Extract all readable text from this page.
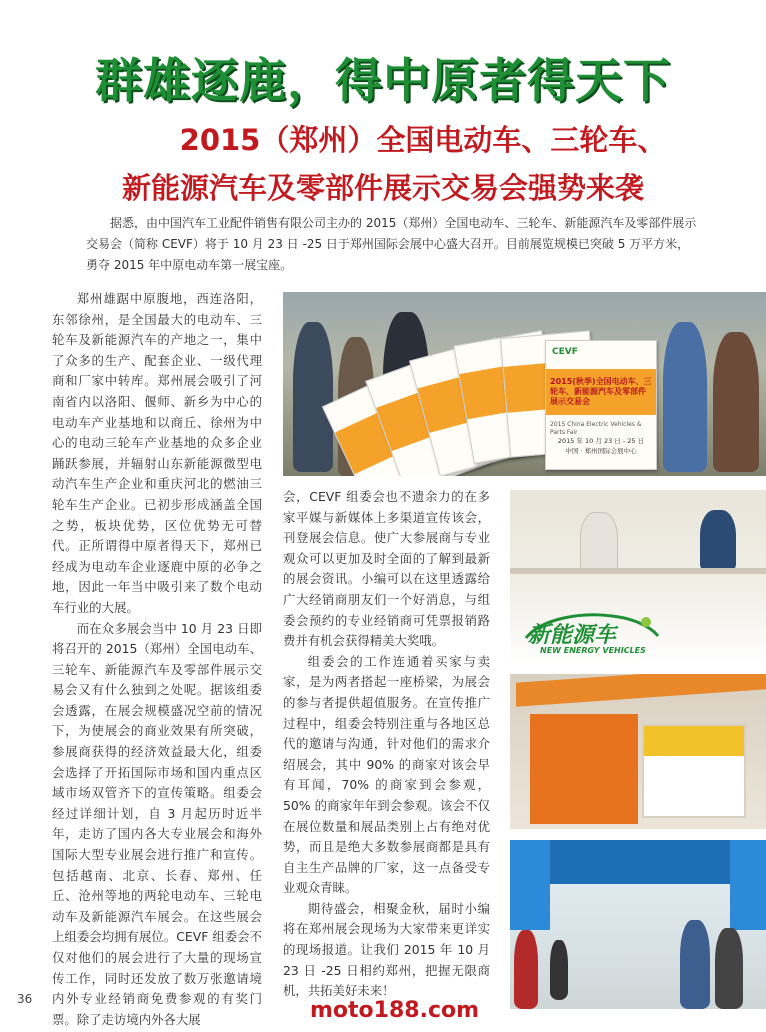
群雄逐鹿，得中原者得天下
2015（郑州）全国电动车、三轮车、
新能源汽车及零部件展示交易会强势来袭
据悉，由中国汽车工业配件销售有限公司主办的 2015（郑州）全国电动车、三轮车、新能源汽车及零部件展示交易会（简称 CEVF）将于 10 月 23 日 -25 日于郑州国际会展中心盛大召开。目前展览规模已突破 5 万平方米，勇夺 2015 年中原电动车第一展宝座。

郑州雄踞中原腹地，西连洛阳，东邻徐州，是全国最大的电动车、三轮车及新能源汽车的产地之一，集中了众多的生产、配套企业、一级代理商和厂家中转库。郑州展会吸引了河南省内以洛阳、偃师、新乡为中心的电动车产业基地和以商丘、徐州为中心的电动三轮车产业基地的众多企业踊跃参展，并辐射山东新能源微型电动汽车生产企业和重庆河北的燃油三轮车生产企业。已初步形成涵盖全国之势，板块优势，区位优势无可替代。正所谓得中原者得天下，郑州已经成为电动车企业逐鹿中原的必争之地，因此一年当中吸引来了数个电动车行业的大展。

而在众多展会当中 10 月 23 日即将召开的 2015（郑州）全国电动车、三轮车、新能源汽车及零部件展示交易会又有什么独到之处呢。据该组委会透露，在展会规模盛况空前的情况下，为使展会的商业效果有所突破，参展商获得的经济效益最大化，组委会选择了开拓国际市场和国内重点区域市场双管齐下的宣传策略。组委会经过详细计划，自 3 月起历时近半年，走访了国内各大专业展会和海外国际大型专业展会进行推广和宣传。包括越南、北京、长春、郑州、任丘、沧州等地的两轮电动车、三轮电动车及新能源汽车展会。在这些展会上组委会均拥有展位。CEVF 组委会不仅对他们的展会进行了大量的现场宣传工作，同时还发放了数万张邀请境内外专业经销商免费参观的有奖门票。除了走访境内外各大展

会，CEVF 组委会也不遗余力的在多家平媒与新媒体上多渠道宣传该会，刊登展会信息。使广大参展商与专业观众可以更加及时全面的了解到最新的展会资讯。小编可以在这里透露给广大经销商朋友们一个好消息，与组委会预约的专业经销商可凭票报销路费并有机会获得精美大奖哦。

组委会的工作连通着买家与卖家，是为两者搭起一座桥梁，为展会的参与者提供超值服务。在宣传推广过程中，组委会特别注重与各地区总代的邀请与沟通，针对他们的需求介绍展会，其中 90% 的商家对该会早有耳闻，70% 的商家到会参观，50% 的商家年年到会参观。该会不仅在展位数量和展品类别上占有绝对优势，而且是绝大多数参展商都是具有自主生产品牌的厂家，这一点备受专业观众青睐。

期待盛会，相聚金秋，届时小编将在郑州展会现场为大家带来更详实的现场报道。让我们 2015 年 10 月 23 日 -25 日相约郑州，把握无限商机，共拓美好未来！

CEVF
2015(秋季)全国电动车、三轮车、新能源汽车及零部件展示交易会
2015 China Electric Vehicles & Parts Fair
2015 年 10 月 23 日 - 25 日
中国 · 郑州国际会展中心
新能源车
NEW ENERGY VEHICLES
36	moto188.com
